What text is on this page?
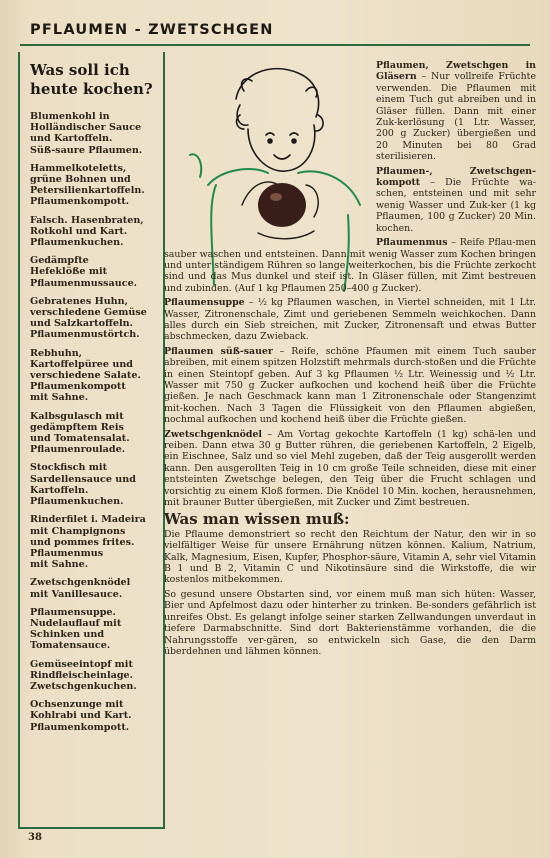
PFLAUMEN - ZWETSCHGEN
Was soll ich heute kochen?
Blumenkohl in
Holländischer Sauce
und Kartoffeln.
Süß-saure Pflaumen.
Hammelkoteletts,
grüne Bohnen und
Petersilienkartoffeln.
Pflaumenkompott.
Falsch. Hasenbraten,
Rotkohl und Kart.
Pflaumenkuchen.
Gedämpfte
Hefeklöße mit
Pflaumenmussauce.
Gebratenes Huhn,
verschiedene Gemüse
und Salzkartoffeln.
Pflaumenmustörtch.
Rebhuhn,
Kartoffelpüree und
verschiedene Salate.
Pflaumenkompott
mit Sahne.
Kalbsgulasch mit
gedämpftem Reis
und Tomatensalat.
Pflaumenroulade.
Stockfisch mit
Sardellensauce und
Kartoffeln.
Pflaumenkuchen.
Rinderfilet i. Madeira
mit Champignons
und pommes frites.
Pflaumenmus
mit Sahne.
Zwetschgenknödel
mit Vanillesauce.
Pflaumensuppe.
Nudelauflauf mit
Schinken und
Tomatensauce.
Gemüseeintopf mit
Rindfleischeinlage.
Zwetschgenkuchen.
Ochsenzunge mit
Kohlrabi und Kart.
Pflaumenkompott.

Pflaumen, Zwetschgen in Gläsern – Nur vollreife Früchte verwenden. Die Pflaumen mit einem Tuch gut abreiben und in Gläser füllen. Dann mit einer Zuk-kerlösung (1 Ltr. Wasser, 200 g Zucker) übergießen und 20 Minuten bei 80 Grad sterilisieren.

Pflaumen-, Zwetschgen-kompott – Die Früchte wa-schen, entsteinen und mit sehr wenig Wasser und Zuk-ker (1 kg Pflaumen, 100 g Zucker) 20 Min. kochen.

Pflaumenmus – Reife Pflau-men sauber waschen und entsteinen. Dann mit wenig Wasser zum Kochen bringen und unter ständigem Rühren so lange weiterkochen, bis die Früchte zerkocht sind und das Mus dunkel und steif ist. In Gläser füllen, mit Zimt bestreuen und zubinden. (Auf 1 kg Pflaumen 250–400 g Zucker).

Pflaumensuppe – ½ kg Pflaumen waschen, in Viertel schneiden, mit 1 Ltr. Wasser, Zitronenschale, Zimt und geriebenen Semmeln weichkochen. Dann alles durch ein Sieb streichen, mit Zucker, Zitronensaft und etwas Butter abschmecken, dazu Zwieback.

Pflaumen süß-sauer – Reife, schöne Pfaumen mit einem Tuch sauber abreiben, mit einem spitzen Holzstift mehrmals durch-stoßen und die Früchte in einen Steintopf geben. Auf 3 kg Pflaumen ½ Ltr. Weinessig und ½ Ltr. Wasser mit 750 g Zucker aufkochen und kochend heiß über die Früchte gießen. Je nach Geschmack kann man 1 Zitronenschale oder Stangenzimt mit-kochen. Nach 3 Tagen die Flüssigkeit von den Pflaumen abgießen, nochmal aufkochen und kochend heiß über die Früchte gießen.

Zwetschgenknödel – Am Vortag gekochte Kartoffeln (1 kg) schä-len und reiben. Dann etwa 30 g Butter rühren, die geriebenen Kartoffeln, 2 Eigelb, ein Eischnee, Salz und so viel Mehl zugeben, daß der Teig ausgerollt werden kann. Den ausgerollten Teig in 10 cm große Teile schneiden, diese mit einer entsteinten Zwetschge belegen, den Teig über die Frucht schlagen und vorsichtig zu einem Kloß formen. Die Knödel 10 Min. kochen, herausnehmen, mit brauner Butter übergießen, mit Zucker und Zimt bestreuen.

Was man wissen muß:

Die Pflaume demonstriert so recht den Reichtum der Natur, den wir in so vielfältiger Weise für unsere Ernährung nützen können. Kalium, Natrium, Kalk, Magnesium, Eisen, Kupfer, Phosphor-säure, Vitamin A, sehr viel Vitamin B 1 und B 2, Vitamin C und Nikotinsäure sind die Wirkstoffe, die wir kostenlos mitbekommen.

So gesund unsere Obstarten sind, vor einem muß man sich hüten: Wasser, Bier und Apfelmost dazu oder hinterher zu trinken. Be-sonders gefährlich ist unreifes Obst. Es gelangt infolge seiner starken Zellwandungen unverdaut in tiefere Darmabschnitte. Sind dort Bakterienstämme vorhanden, die die Nahrungsstoffe ver-gären, so entwickeln sich Gase, die den Darm überdehnen und lähmen können.

38
